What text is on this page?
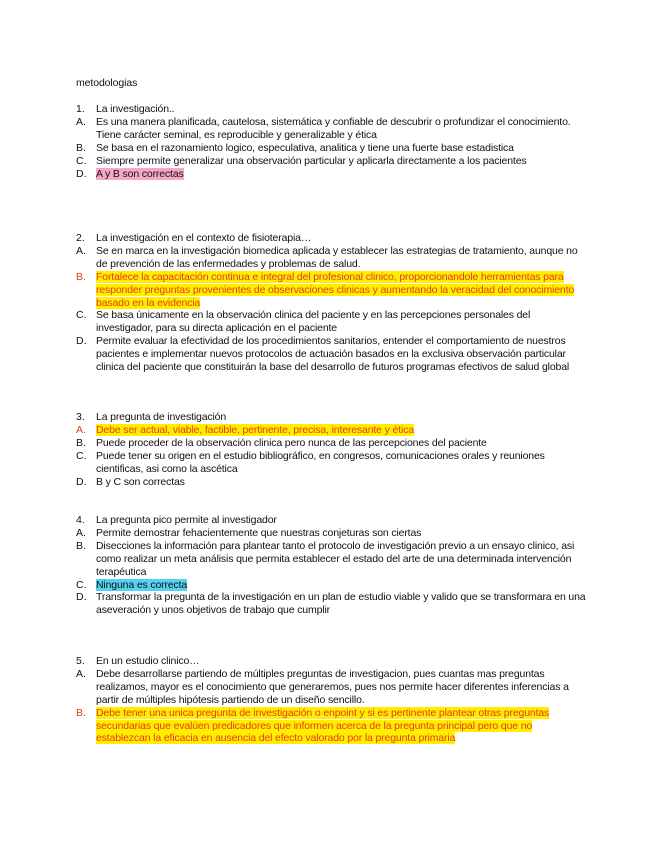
metodologias
1.	La investigación..
A. Es una manera planificada, cautelosa, sistemática y confiable de descubrir o profundizar el conocimiento. Tiene carácter seminal, es reproducible y generalizable y ética
B. Se basa en el razonamiento logico, especulativa, analitica y tiene una fuerte base estadistica
C. Siempre permite generalizar una observación particular y aplicarla directamente a los pacientes
D. A y B son correctas
2.	La investigación en el contexto de fisioterapia…
A. Se en marca en la investigación biomedica aplicada y establecer las estrategias de tratamiento, aunque no de prevención de las enfermedades y problemas de salud.
B. Fortalece la capacitación continua e integral del profesional clinico, proporcionandole herramientas para responder preguntas provenientes de observaciones clinicas y aumentando la veracidad del conocimiento basado en la evidencia
C. Se basa únicamente en la observación clinica del paciente y en las percepciones personales del investigador, para su directa aplicación en el paciente
D. Permite evaluar la efectividad de los procedimientos sanitarios, entender el comportamiento de nuestros pacientes e implementar nuevos protocolos de actuación basados en la exclusiva observación particular clinica del paciente que constituirán la base del desarrollo de futuros programas efectivos de salud global
3.	La pregunta de investigación
A. Debe ser actual, viable, factible, pertinente, precisa, interesante y ética
B. Puede proceder de la observación clinica pero nunca de las percepciones del paciente
C. Puede tener su origen en el estudio bibliográfico, en congresos, comunicaciones orales y reuniones cientificas, asi como la ascética
D. B y C son correctas
4.	La pregunta pico permite al investigador
A. Permite demostrar fehacientemente que nuestras conjeturas son ciertas
B. Disecciones la información para plantear tanto el protocolo de investigación previo a un ensayo clinico, asi como realizar un meta análisis que permita establecer el estado del arte de una determinada intervención terapéutica
C. Ninguna es correcta
D. Transformar la pregunta de la investigación en un plan de estudio viable y valido que se transformara en una aseveración y unos objetivos de trabajo que cumplir
5.	En un estudio clinico…
A. Debe desarrollarse partiendo de múltiples preguntas de investigacion, pues cuantas mas preguntas realizamos, mayor es el conocimiento que generaremos, pues nos permite hacer diferentes inferencias a partir de múltiples hipótesis partiendo de un diseño sencillo.
B. Debe tener una unica pregunta de investigación o enpoint y si es pertinente plantear otras preguntas secundarias que evalúen predicadores que informen acerca de la pregunta principal pero que no establezcan la eficacia en ausencia del efecto valorado por la pregunta primaria
